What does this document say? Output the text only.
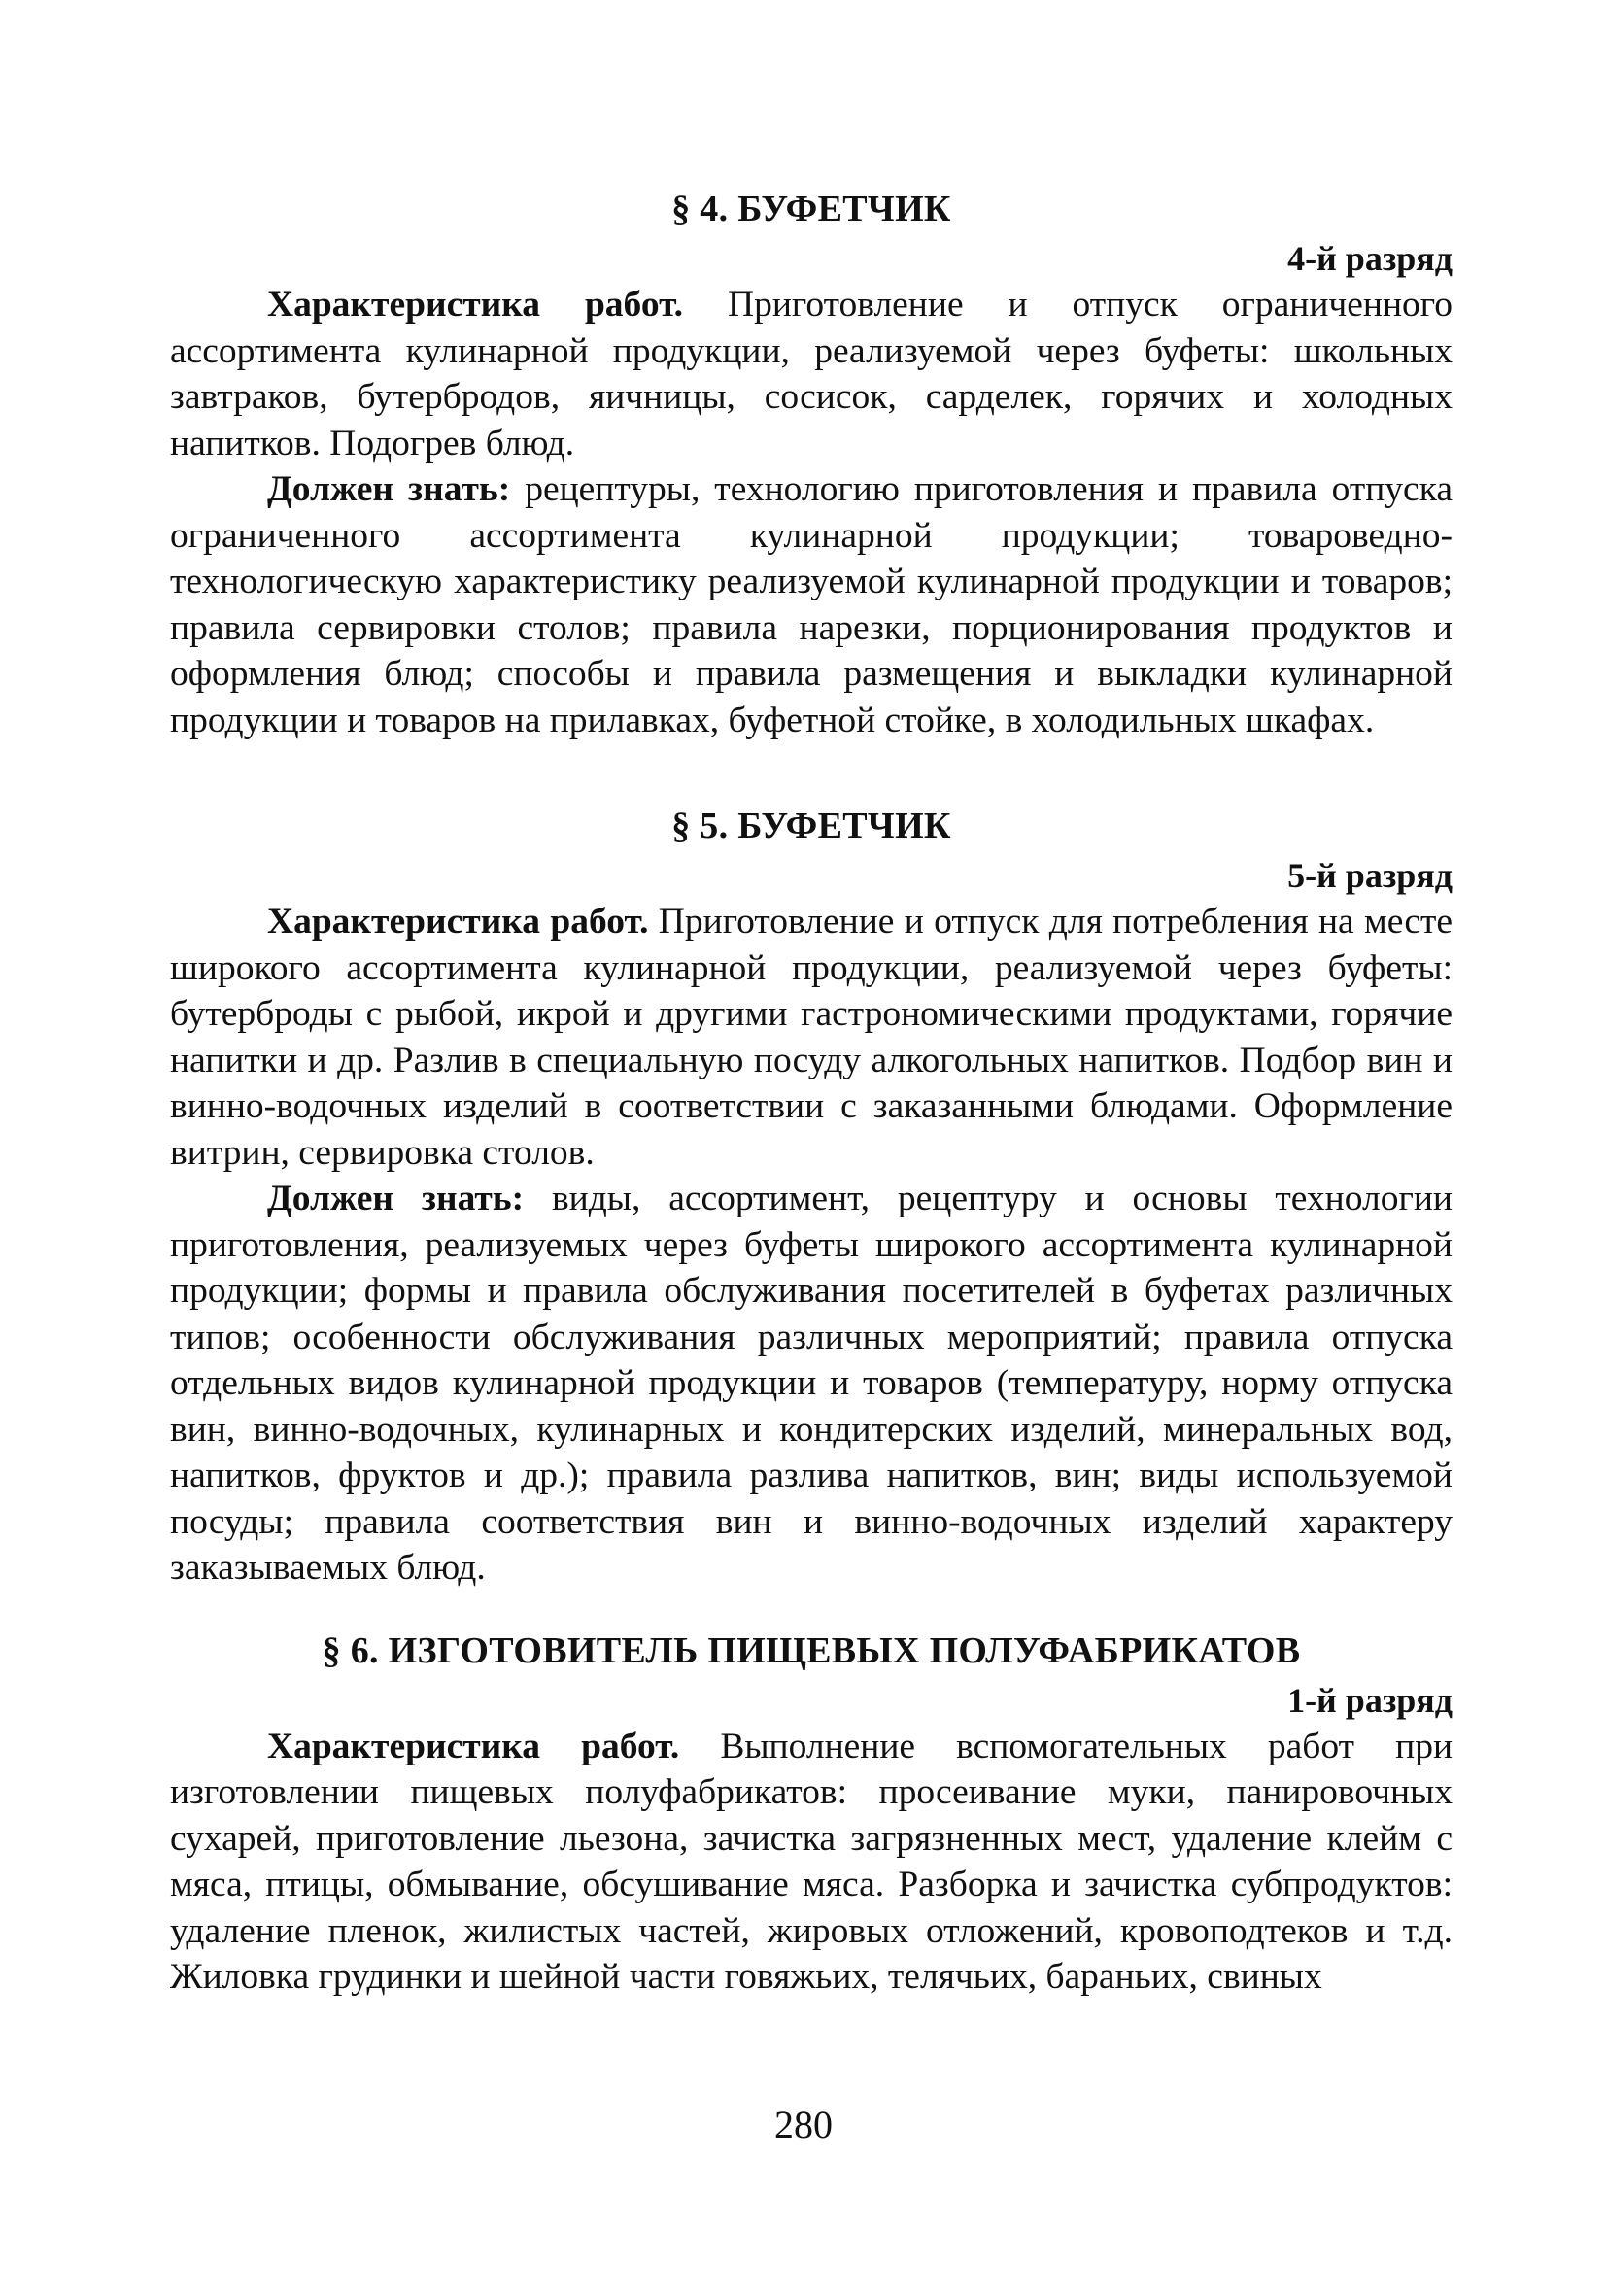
§ 4. БУФЕТЧИК
4-й разряд

Характеристика работ. Приготовление и отпуск ограниченного ассортимента кулинарной продукции, реализуемой через буфеты: школьных завтраков, бутербродов, яичницы, сосисок, сарделек, горячих и холодных напитков. Подогрев блюд.

Должен знать: рецептуры, технологию приготовления и правила отпуска ограниченного ассортимента кулинарной продукции; товароведно-технологическую характеристику реализуемой кулинарной продукции и товаров; правила сервировки столов; правила нарезки, порционирования продуктов и оформления блюд; способы и правила размещения и выкладки кулинарной продукции и товаров на прилавках, буфетной стойке, в холодильных шкафах.

§ 5. БУФЕТЧИК
5-й разряд

Характеристика работ. Приготовление и отпуск для потребления на месте широкого ассортимента кулинарной продукции, реализуемой через буфеты: бутерброды с рыбой, икрой и другими гастрономическими продуктами, горячие напитки и др. Разлив в специальную посуду алкогольных напитков. Подбор вин и винно-водочных изделий в соответствии с заказанными блюдами. Оформление витрин, сервировка столов.

Должен знать: виды, ассортимент, рецептуру и основы технологии приготовления, реализуемых через буфеты широкого ассортимента кулинарной продукции; формы и правила обслуживания посетителей в буфетах различных типов; особенности обслуживания различных мероприятий; правила отпуска отдельных видов кулинарной продукции и товаров (температуру, норму отпуска вин, винно-водочных, кулинарных и кондитерских изделий, минеральных вод, напитков, фруктов и др.); правила разлива напитков, вин; виды используемой посуды; правила соответствия вин и винно-водочных изделий характеру заказываемых блюд.

§ 6. ИЗГОТОВИТЕЛЬ ПИЩЕВЫХ ПОЛУФАБРИКАТОВ
1-й разряд

Характеристика работ. Выполнение вспомогательных работ при изготовлении пищевых полуфабрикатов: просеивание муки, панировочных сухарей, приготовление льезона, зачистка загрязненных мест, удаление клейм с мяса, птицы, обмывание, обсушивание мяса. Разборка и зачистка субпродуктов: удаление пленок, жилистых частей, жировых отложений, кровоподтеков и т.д. Жиловка грудинки и шейной части говяжьих, телячьих, бараньих, свиных

280
